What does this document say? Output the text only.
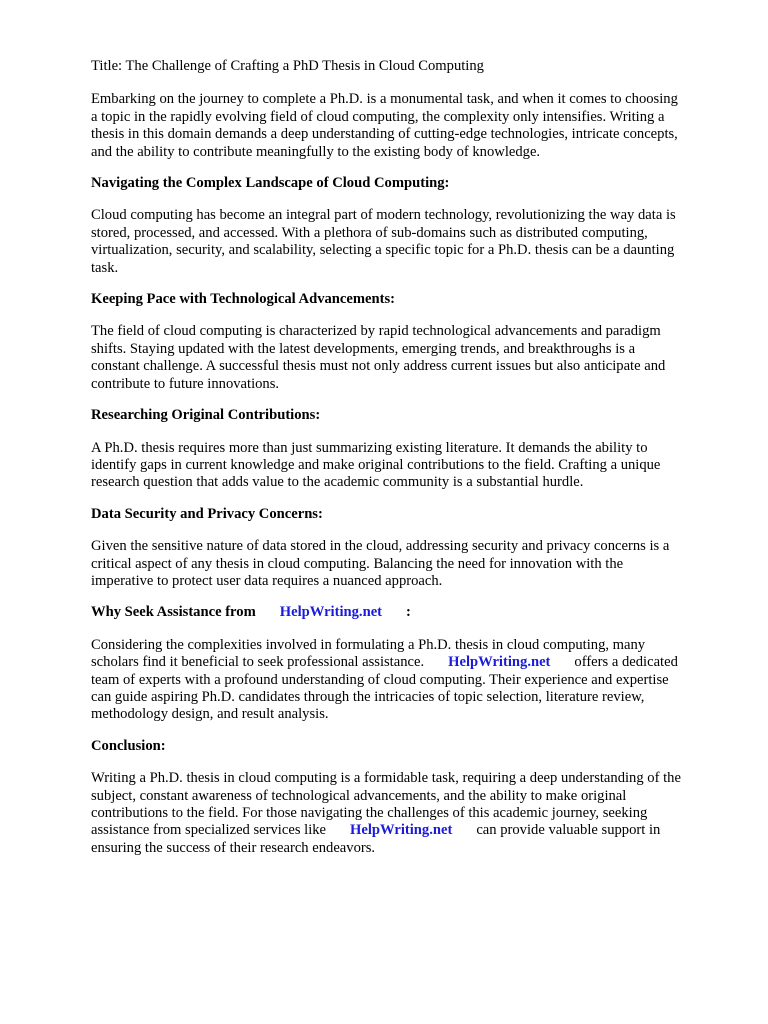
Title: The Challenge of Crafting a PhD Thesis in Cloud Computing
Embarking on the journey to complete a Ph.D. is a monumental task, and when it comes to choosing
a topic in the rapidly evolving field of cloud computing, the complexity only intensifies. Writing a
thesis in this domain demands a deep understanding of cutting-edge technologies, intricate concepts,
and the ability to contribute meaningfully to the existing body of knowledge.
Navigating the Complex Landscape of Cloud Computing:
Cloud computing has become an integral part of modern technology, revolutionizing the way data is
stored, processed, and accessed. With a plethora of sub-domains such as distributed computing,
virtualization, security, and scalability, selecting a specific topic for a Ph.D. thesis can be a daunting
task.
Keeping Pace with Technological Advancements:
The field of cloud computing is characterized by rapid technological advancements and paradigm
shifts. Staying updated with the latest developments, emerging trends, and breakthroughs is a
constant challenge. A successful thesis must not only address current issues but also anticipate and
contribute to future innovations.
Researching Original Contributions:
A Ph.D. thesis requires more than just summarizing existing literature. It demands the ability to
identify gaps in current knowledge and make original contributions to the field. Crafting a unique
research question that adds value to the academic community is a substantial hurdle.
Data Security and Privacy Concerns:
Given the sensitive nature of data stored in the cloud, addressing security and privacy concerns is a
critical aspect of any thesis in cloud computing. Balancing the need for innovation with the
imperative to protect user data requires a nuanced approach.
Why Seek Assistance from HelpWriting.net :
Considering the complexities involved in formulating a Ph.D. thesis in cloud computing, many
scholars find it beneficial to seek professional assistance. HelpWriting.net offers a dedicated
team of experts with a profound understanding of cloud computing. Their experience and expertise
can guide aspiring Ph.D. candidates through the intricacies of topic selection, literature review,
methodology design, and result analysis.
Conclusion:
Writing a Ph.D. thesis in cloud computing is a formidable task, requiring a deep understanding of the
subject, constant awareness of technological advancements, and the ability to make original
contributions to the field. For those navigating the challenges of this academic journey, seeking
assistance from specialized services like HelpWriting.net can provide valuable support in
ensuring the success of their research endeavors.
